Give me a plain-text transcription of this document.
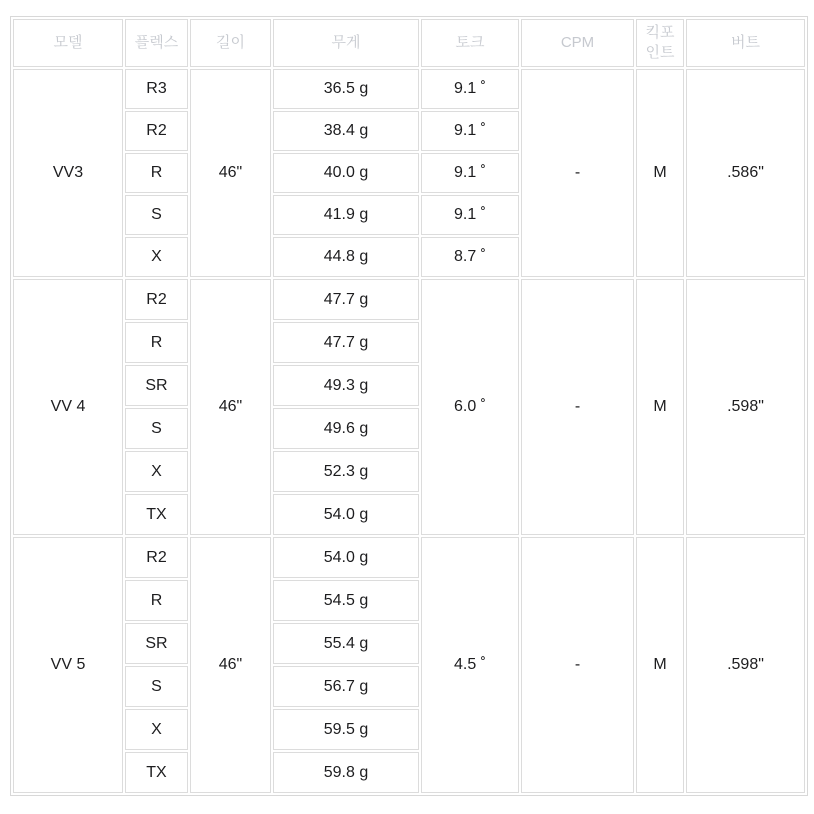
모델	플렉스	길이	무게	토크	CPM	킥포인트	버트
VV3	R3	46"	36.5 g	9.1 ˚	-	M	.586"
	R2		38.4 g	9.1 ˚			
	R		40.0 g	9.1 ˚			
	S		41.9 g	9.1 ˚			
	X		44.8 g	8.7 ˚			
VV 4	R2	46"	47.7 g	6.0 ˚	-	M	.598"
	R		47.7 g				
	SR		49.3 g				
	S		49.6 g				
	X		52.3 g				
	TX		54.0 g				
VV 5	R2	46"	54.0 g	4.5 ˚	-	M	.598"
	R		54.5 g				
	SR		55.4 g				
	S		56.7 g				
	X		59.5 g				
	TX		59.8 g				
